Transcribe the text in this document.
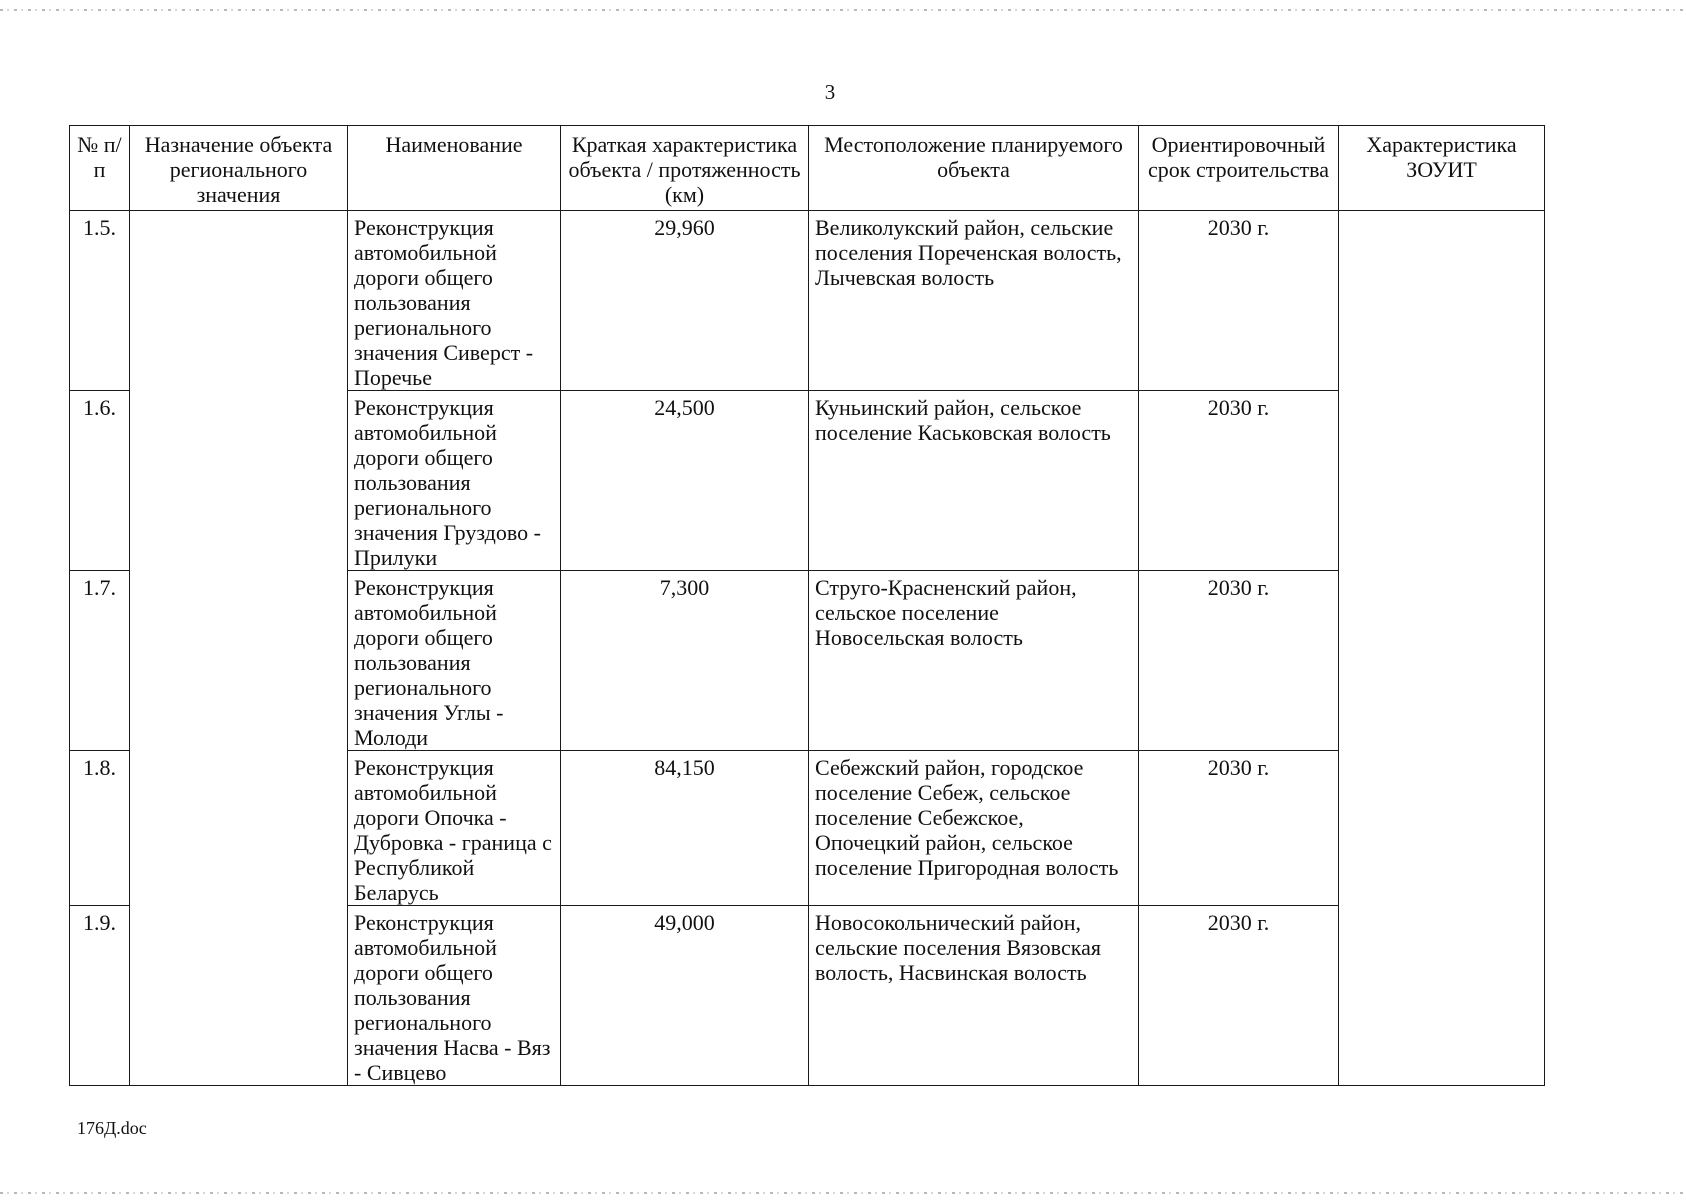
3
№ п/п	Назначение объекта регионального значения	Наименование	Краткая характеристика объекта / протяженность (км)	Местоположение планируемого объекта	Ориентировочный срок строительства	Характеристика ЗОУИТ
1.5.		Реконструкция автомобильной дороги общего пользования регионального значения Сиверст - Поречье	29,960	Великолукский район, сельские поселения Пореченская волость, Лычевская волость	2030 г.	
1.6.		Реконструкция автомобильной дороги общего пользования регионального значения Груздово - Прилуки	24,500	Куньинский район, сельское поселение Каськовская волость	2030 г.	
1.7.		Реконструкция автомобильной дороги общего пользования регионального значения Углы - Молоди	7,300	Струго-Красненский район, сельское поселение Новосельская волость	2030 г.	
1.8.		Реконструкция автомобильной дороги Опочка - Дубровка - граница с Республикой Беларусь	84,150	Себежский район, городское поселение Себеж, сельское поселение Себежское, Опочецкий район, сельское поселение Пригородная волость	2030 г.	
1.9.		Реконструкция автомобильной дороги общего пользования регионального значения Насва - Вяз - Сивцево	49,000	Новосокольнический район, сельские поселения Вязовская волость, Насвинская волость	2030 г.	
176Д.doc
